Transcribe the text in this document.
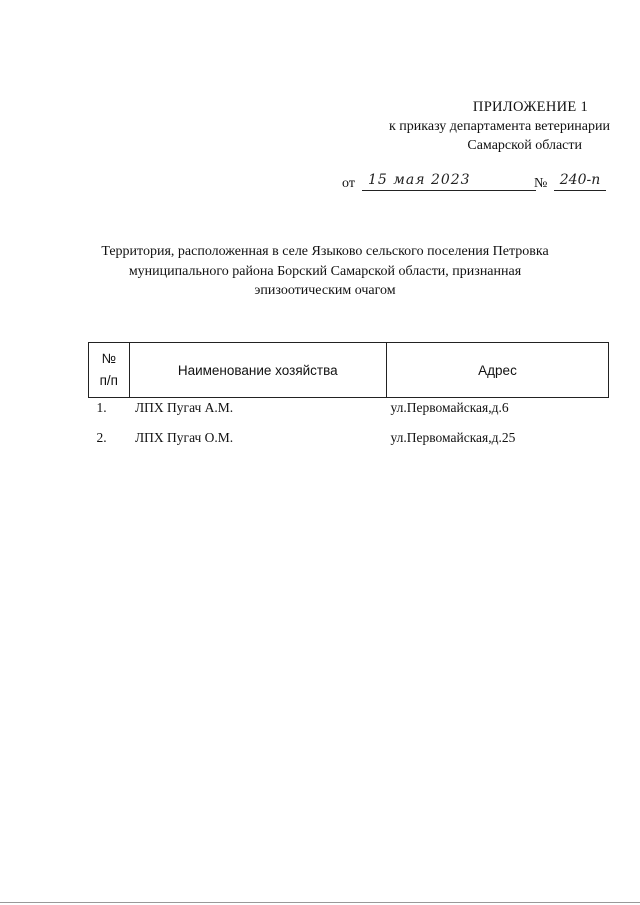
ПРИЛОЖЕНИЕ 1
к приказу департамента ветеринарии
Самарской области
от 15 мая 2023	№ 240-п
Территория, расположенная в селе Языково сельского поселения Петровка
муниципального района Борский Самарской области, признанная
эпизоотическим очагом
№
п/п	Наименование хозяйства	Адрес
1.	ЛПХ Пугач А.М.	ул.Первомайская,д.6
2.	ЛПХ Пугач О.М.	ул.Первомайская,д.25
